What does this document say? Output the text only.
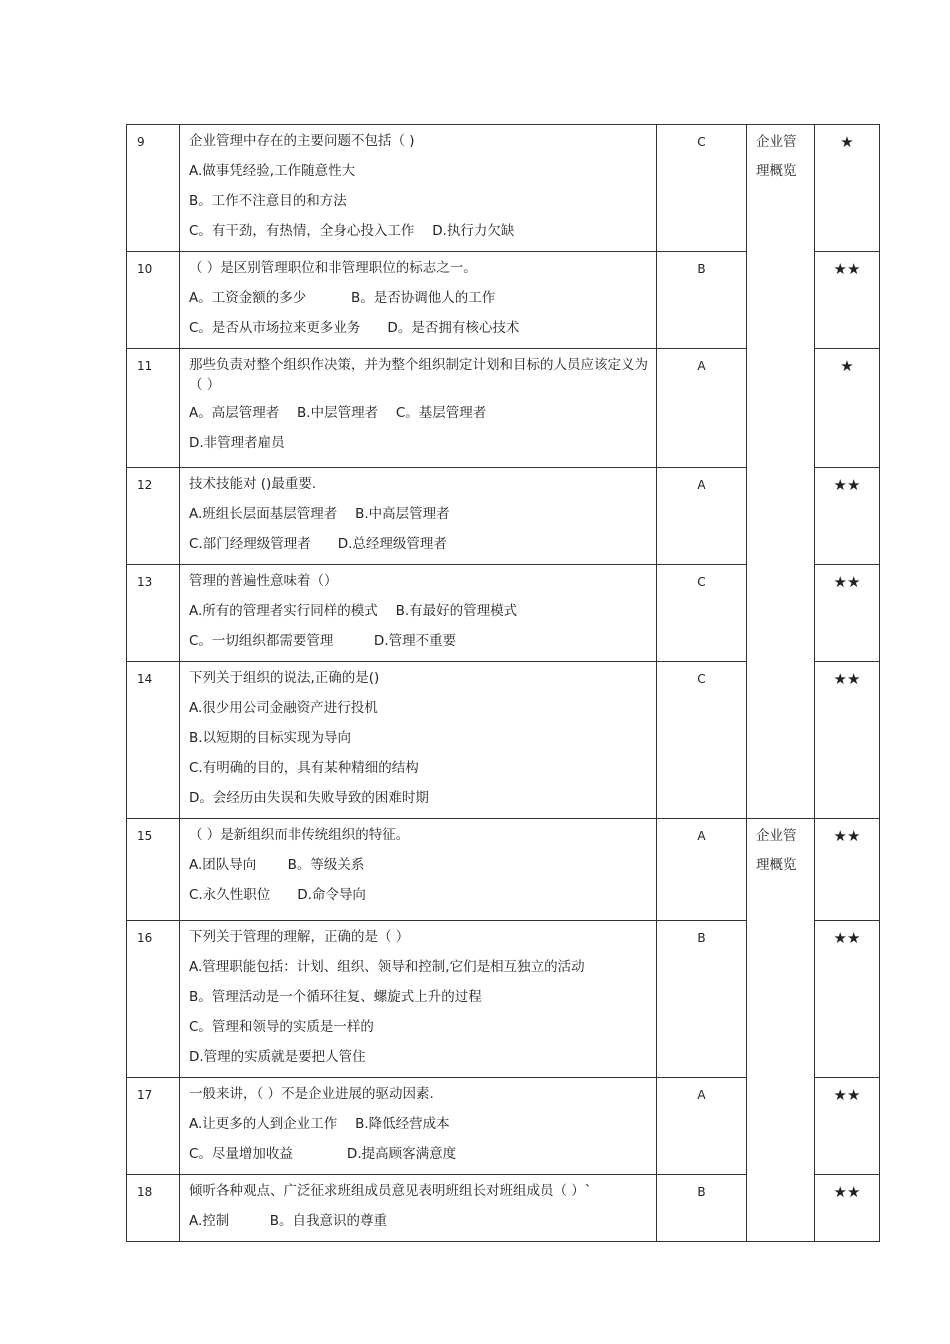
9	企业管理中存在的主要问题不包括（ )
A.做事凭经验,工作随意性大
B。工作不注意目的和方法
C。有干劲，有热情，全身心投入工作　 D.执行力欠缺	C	企业管理概览	★
10	（ ）是区别管理职位和非管理职位的标志之一。
A。工资金额的多少　　　 B。是否协调他人的工作
C。是否从市场拉来更多业务　　D。是否拥有核心技术	B		★★
11	那些负责对整个组织作决策，并为整个组织制定计划和目标的人员应该定义为（ ）
A。高层管理者　 B.中层管理者　 C。基层管理者
D.非管理者雇员	A		★
12	技术技能对 ()最重要.
A.班组长层面基层管理者　 B.中高层管理者
C.部门经理级管理者　　D.总经理级管理者	A		★★
13	管理的普遍性意味着（）
A.所有的管理者实行同样的模式　 B.有最好的管理模式
C。一切组织都需要管理　　　D.管理不重要	C		★★
14	下列关于组织的说法,正确的是()
A.很少用公司金融资产进行投机
B.以短期的目标实现为导向
C.有明确的目的，具有某种精细的结构
D。会经历由失误和失败导致的困难时期	C		★★
15	（ ）是新组织而非传统组织的特征。
A.团队导向　　 B。等级关系
C.永久性职位　　D.命令导向	A	企业管理概览	★★
16	下列关于管理的理解，正确的是（ ）
A.管理职能包括：计划、组织、领导和控制,它们是相互独立的活动
B。管理活动是一个循环往复、螺旋式上升的过程
C。管理和领导的实质是一样的
D.管理的实质就是要把人管住	B		★★
17	一般来讲，（ ）不是企业进展的驱动因素.
A.让更多的人到企业工作　 B.降低经营成本
C。尽量增加收益　　　　D.提高顾客满意度	A		★★
18	倾听各种观点、广泛征求班组成员意见表明班组长对班组成员（ ）`
A.控制　　　B。自我意识的尊重	B		★★
